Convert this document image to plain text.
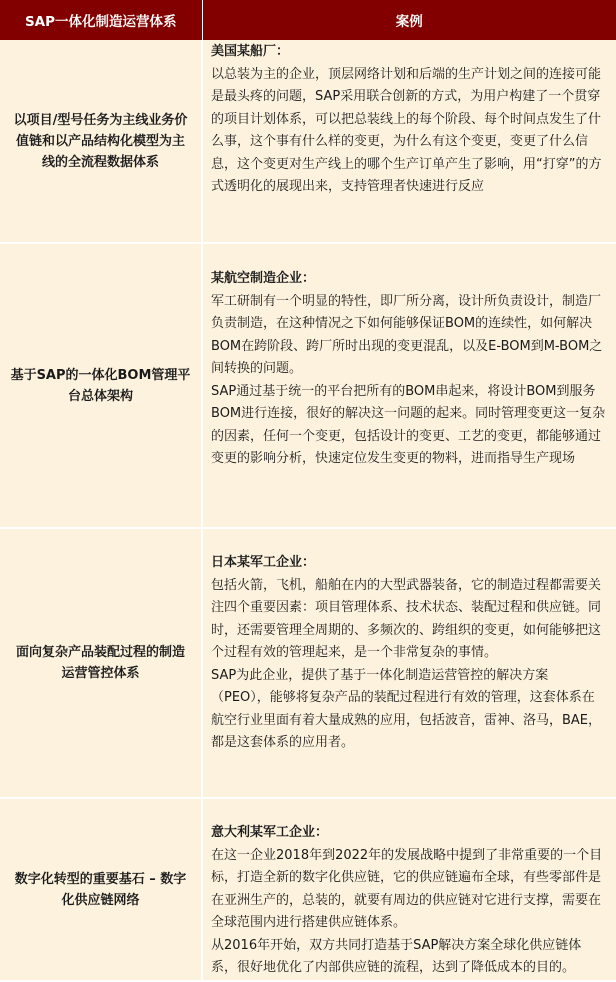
SAP一体化制造运营体系	案例
以项目/型号任务为主线业务价值链和以产品结构化模型为主线的全流程数据体系	美国某船厂：

以总装为主的企业，顶层网络计划和后端的生产计划之间的连接可能是最头疼的问题，SAP采用联合创新的方式，为用户构建了一个贯穿的项目计划体系，可以把总装线上的每个阶段、每个时间点发生了什么事，这个事有什么样的变更，为什么有这个变更，变更了什么信息，这个变更对生产线上的哪个生产订单产生了影响，用“打穿”的方式透明化的展现出来，支持管理者快速进行反应

基于SAP的一体化BOM管理平台总体架构	某航空制造企业：

军工研制有一个明显的特性，即厂所分离，设计所负责设计，制造厂负责制造，在这种情况之下如何能够保证BOM的连续性，如何解决BOM在跨阶段、跨厂所时出现的变更混乱，以及E-BOM到M-BOM之间转换的问题。

SAP通过基于统一的平台把所有的BOM串起来，将设计BOM到服务BOM进行连接，很好的解决这一问题的起来。同时管理变更这一复杂的因素，任何一个变更，包括设计的变更、工艺的变更，都能够通过变更的影响分析，快速定位发生变更的物料，进而指导生产现场

面向复杂产品装配过程的制造运营管控体系	日本某军工企业：

包括火箭，飞机，船舶在内的大型武器装备，它的制造过程都需要关注四个重要因素：项目管理体系、技术状态、装配过程和供应链。同时，还需要管理全周期的、多频次的、跨组织的变更，如何能够把这个过程有效的管理起来，是一个非常复杂的事情。

SAP为此企业，提供了基于一体化制造运营管控的解决方案（PEO），能够将复杂产品的装配过程进行有效的管理，这套体系在航空行业里面有着大量成熟的应用，包括波音，雷神、洛马，BAE，都是这套体系的应用者。

数字化转型的重要基石 – 数字化供应链网络	意大利某军工企业：

在这一企业2018年到2022年的发展战略中提到了非常重要的一个目标，打造全新的数字化供应链，它的供应链遍布全球，有些零部件是在亚洲生产的，总装的，就要有周边的供应链对它进行支撑，需要在全球范围内进行搭建供应链体系。

从2016年开始，双方共同打造基于SAP解决方案全球化供应链体系，很好地优化了内部供应链的流程，达到了降低成本的目的。
